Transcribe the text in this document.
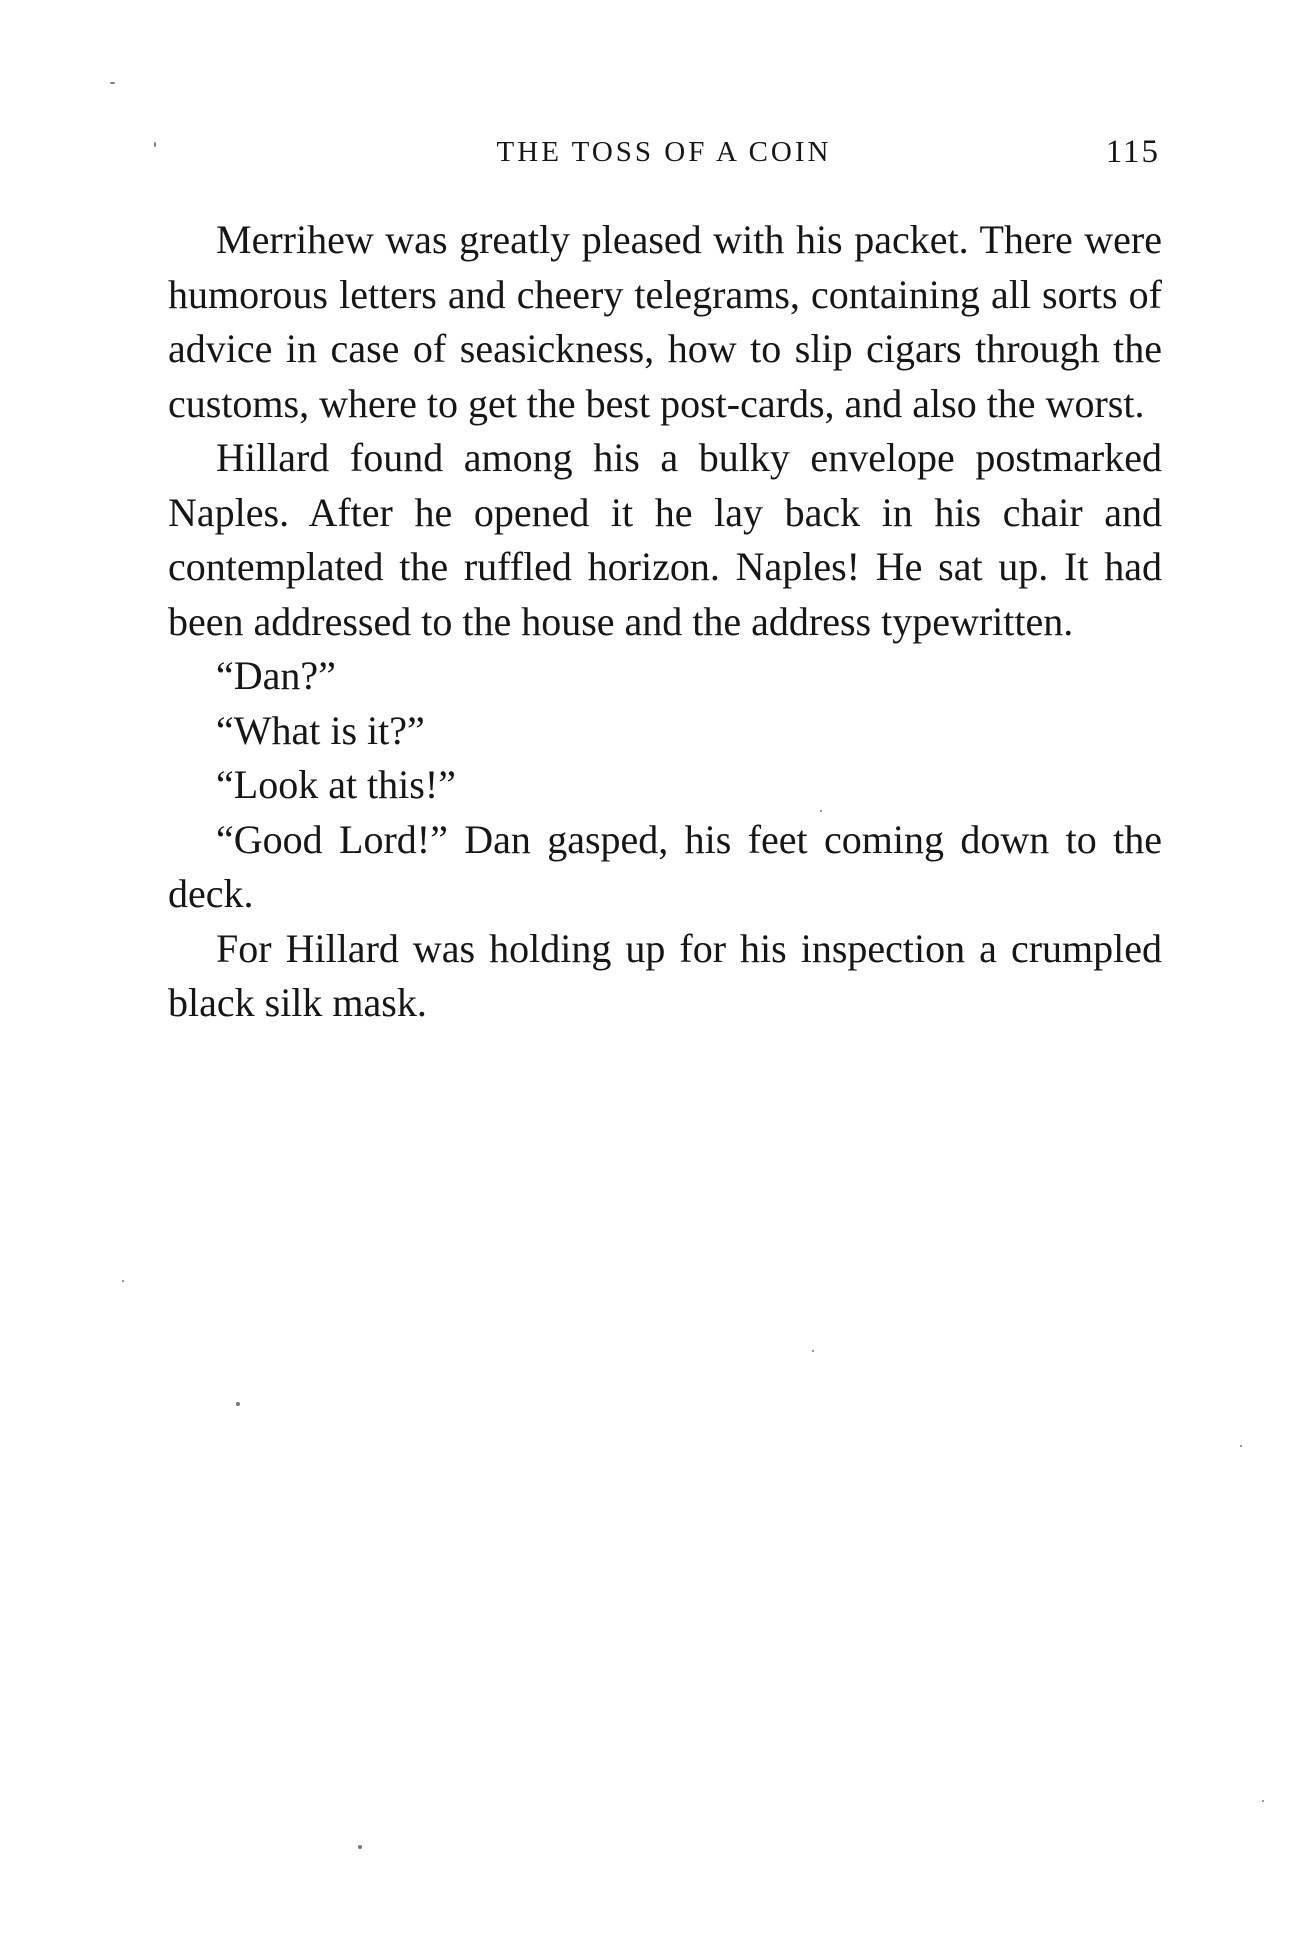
THE TOSS OF A COIN	115

Merrihew was greatly pleased with his packet. There were humorous letters and cheery telegrams, containing all sorts of advice in case of seasickness, how to slip cigars through the customs, where to get the best post-cards, and also the worst.

Hillard found among his a bulky envelope postmarked Naples. After he opened it he lay back in his chair and contemplated the ruffled horizon. Naples! He sat up. It had been addressed to the house and the address typewritten.

“Dan?”

“What is it?”

“Look at this!”

“Good Lord!” Dan gasped, his feet coming down to the deck.

For Hillard was holding up for his inspection a crumpled black silk mask.
